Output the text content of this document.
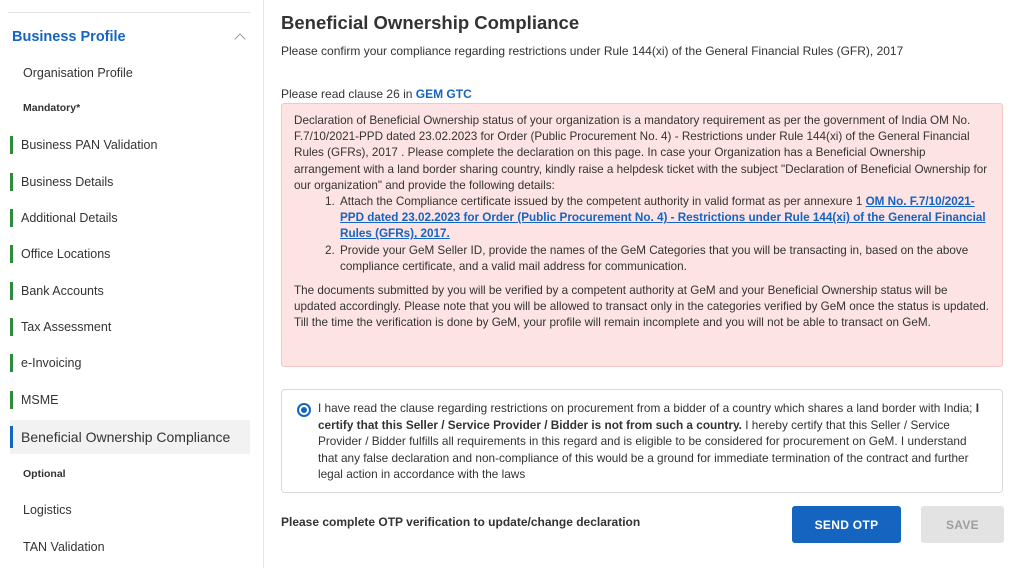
Business Profile
Organisation Profile
Mandatory*
Business PAN Validation
Business Details
Additional Details
Office Locations
Bank Accounts
Tax Assessment
e-Invoicing
MSME
Beneficial Ownership Compliance
Optional
Logistics
TAN Validation
Beneficial Ownership Compliance
Please confirm your compliance regarding restrictions under Rule 144(xi) of the General Financial Rules (GFR), 2017
Please read clause 26 in GEM GTC

Declaration of Beneficial Ownership status of your organization is a mandatory requirement as per the government of India OM No. F.7/10/2021-PPD dated 23.02.2023 for Order (Public Procurement No. 4) - Restrictions under Rule 144(xi) of the General Financial Rules (GFRs), 2017 . Please complete the declaration on this page. In case your Organization has a Beneficial Ownership arrangement with a land border sharing country, kindly raise a helpdesk ticket with the subject "Declaration of Beneficial Ownership for our organization" and provide the following details:

1. Attach the Compliance certificate issued by the competent authority in valid format as per annexure 1 OM No. F.7/10/2021-PPD dated 23.02.2023 for Order (Public Procurement No. 4) - Restrictions under Rule 144(xi) of the General Financial Rules (GFRs), 2017.
2. Provide your GeM Seller ID, provide the names of the GeM Categories that you will be transacting in, based on the above compliance certificate, and a valid mail address for communication.

The documents submitted by you will be verified by a competent authority at GeM and your Beneficial Ownership status will be updated accordingly. Please note that you will be allowed to transact only in the categories verified by GeM once the status is updated. Till the time the verification is done by GeM, your profile will remain incomplete and you will not be able to transact on GeM.

I have read the clause regarding restrictions on procurement from a bidder of a country which shares a land border with India; I certify that this Seller / Service Provider / Bidder is not from such a country. I hereby certify that this Seller / Service Provider / Bidder fulfills all requirements in this regard and is eligible to be considered for procurement on GeM. I understand that any false declaration and non-compliance of this would be a ground for immediate termination of the contract and further legal action in accordance with the laws
Please complete OTP verification to update/change declaration	SEND OTP	SAVE
